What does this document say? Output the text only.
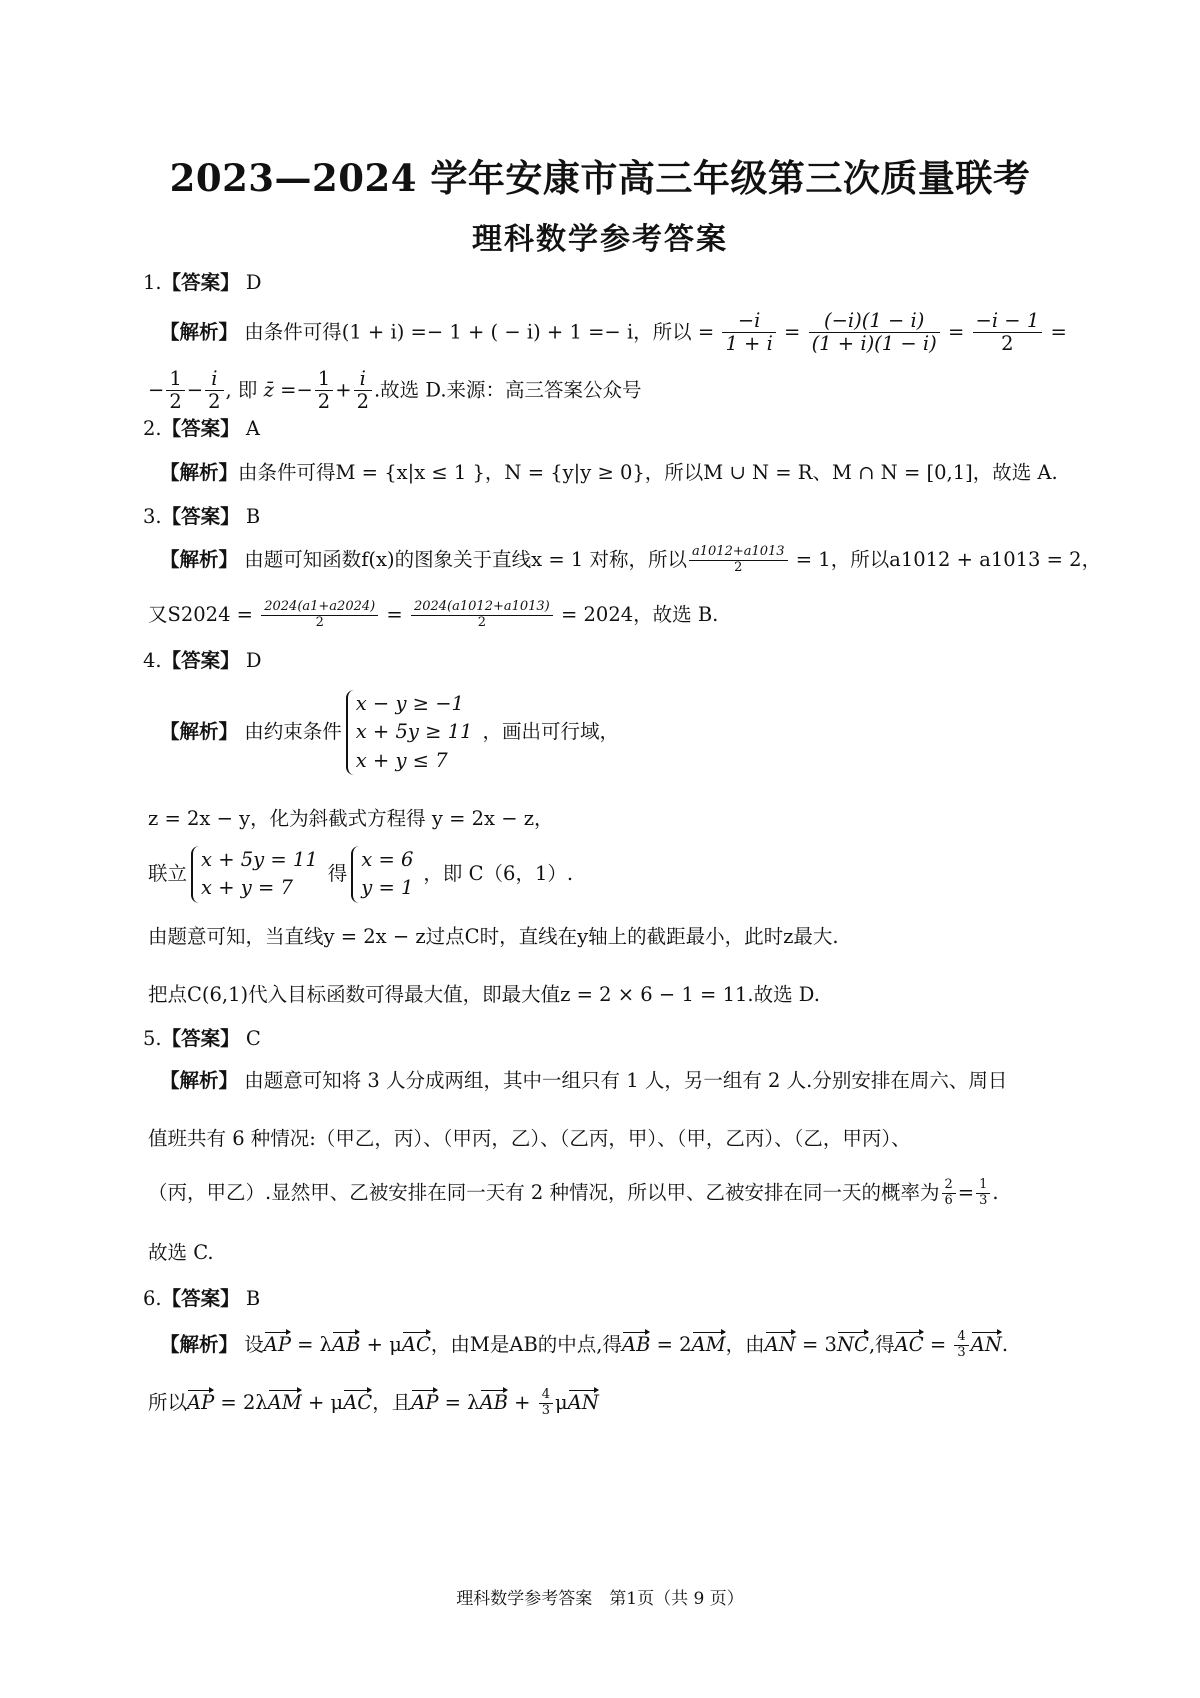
2023—2024 学年安康市高三年级第三次质量联考
理科数学参考答案
1.【答案】 D
【解析】 由条件可得(1 + i) =− 1 + ( − i) + 1 =− i，所以 = $\frac{-i}{1 + i} = \frac{(-i)(1 - i)}{(1 + i)(1 - i)} = \frac{-i - 1}{2}$ =
− $\frac{1}{2} - \frac{i}{2}$ , 即 z̄ =− $\frac{1}{2} + \frac{i}{2}$ .故选 D.来源：高三答案公众号
2.【答案】 A
【解析】由条件可得M = {x|x ≤ 1 }，N = {y|y ≥ 0}，所以M ∪ N = R、M ∩ N = [0,1]，故选 A.
3.【答案】 B
【解析】 由题可知函数f(x)的图象关于直线x = 1 对称，所以 $\frac{a1012+a1013}{2} = 1$，所以a1012 + a1013 = 2，
又$S2024 = \frac{2024(a1+a2024)}{2} = \frac{2024(a1012+a1013)}{2} = 2024$，故选 B.
4.【答案】 D
【解析】 由约束条件
x − y ≥ −1
x + 5y ≥ 11
x + y ≤ 7
，画出可行域，
z = 2x − y，化为斜截式方程得 y = 2x − z，
联立
x + 5y = 11
x + y = 7
得
x = 6
y = 1
，即 C（6，1）.
由题意可知，当直线y = 2x − z过点C时，直线在y轴上的截距最小，此时z最大.
把点C(6,1)代入目标函数可得最大值，即最大值z = 2 × 6 − 1 = 11.故选 D.
5.【答案】 C
【解析】 由题意可知将 3 人分成两组，其中一组只有 1 人，另一组有 2 人.分别安排在周六、周日
值班共有 6 种情况:（甲乙，丙）、（甲丙，乙）、（乙丙，甲）、（甲，乙丙）、（乙，甲丙）、
（丙，甲乙）.显然甲、乙被安排在同一天有 2 种情况，所以甲、乙被安排在同一天的概率为 $\frac{2}{6} = \frac{1}{3}$ .
故选 C.
6.【答案】 B
【解析】 设AP = λAB + μAC，由M是AB的中点,得AB = 2AM，由AN = 3NC,得AC = $\frac{4}{3}$ AN.
所以AP = 2λAM + μAC，且AP = $\lambda AB + \frac{4}{3}$ μAN
理科数学参考答案　第1页（共 9 页）
